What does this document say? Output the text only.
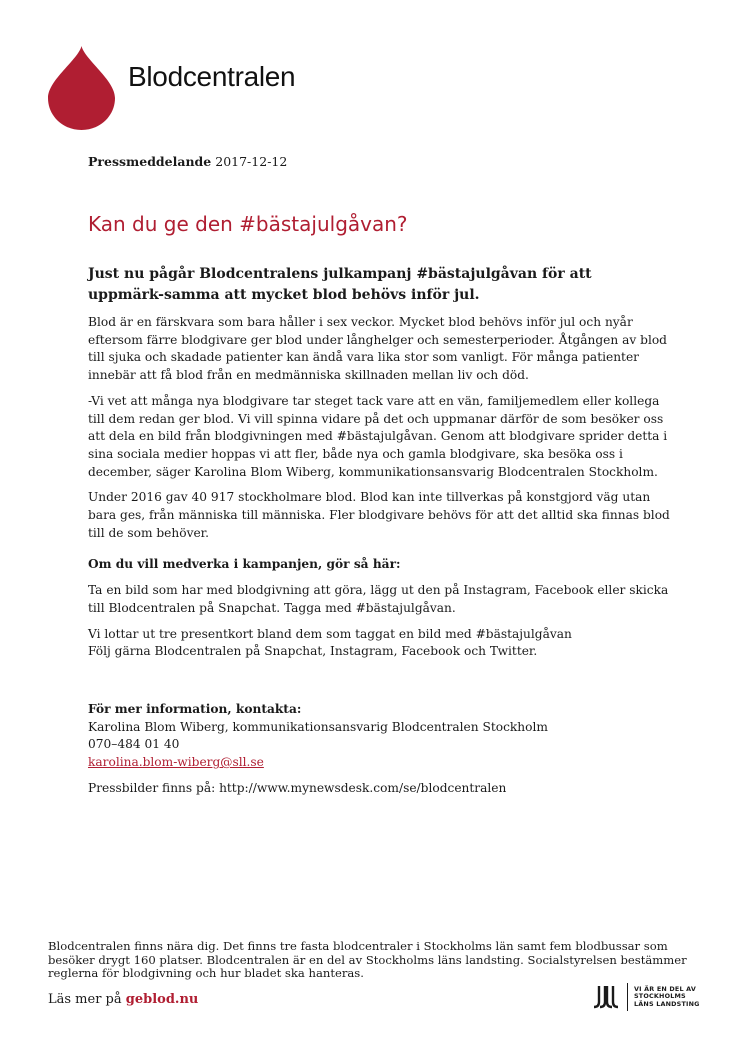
Blodcentralen
Pressmeddelande 2017-12-12
Kan du ge den #bästajulgåvan?

Just nu pågår Blodcentralens julkampanj #bästajulgåvan för att uppmärk-samma att mycket blod behövs inför jul.

Blod är en färskvara som bara håller i sex veckor. Mycket blod behövs inför jul och nyår eftersom färre blodgivare ger blod under långhelger och semesterperioder. Åtgången av blod till sjuka och skadade patienter kan ändå vara lika stor som vanligt. För många patienter innebär att få blod från en medmänniska skillnaden mellan liv och död.

-Vi vet att många nya blodgivare tar steget tack vare att en vän, familjemedlem eller kollega till dem redan ger blod. Vi vill spinna vidare på det och uppmanar därför de som besöker oss att dela en bild från blodgivningen med #bästajulgåvan. Genom att blodgivare sprider detta i sina sociala medier hoppas vi att fler, både nya och gamla blodgivare, ska besöka oss i december, säger Karolina Blom Wiberg, kommunikationsansvarig Blodcentralen Stockholm.

Under 2016 gav 40 917 stockholmare blod. Blod kan inte tillverkas på konstgjord väg utan bara ges, från människa till människa. Fler blodgivare behövs för att det alltid ska finnas blod till de som behöver.

Om du vill medverka i kampanjen, gör så här:

Ta en bild som har med blodgivning att göra, lägg ut den på Instagram, Facebook eller skicka till Blodcentralen på Snapchat. Tagga med #bästajulgåvan.

Vi lottar ut tre presentkort bland dem som taggat en bild med #bästajulgåvan

Följ gärna Blodcentralen på Snapchat, Instagram, Facebook och Twitter.

För mer information, kontakta:
Karolina Blom Wiberg, kommunikationsansvarig Blodcentralen Stockholm
070–484 01 40
karolina.blom-wiberg@sll.se
Pressbilder finns på: http://www.mynewsdesk.com/se/blodcentralen
Blodcentralen finns nära dig. Det finns tre fasta blodcentraler i Stockholms län samt fem blodbussar som besöker drygt 160 platser. Blodcentralen är en del av Stockholms läns landsting. Socialstyrelsen bestämmer reglerna för blodgivning och hur bladet ska hanteras.
Läs mer på geblod.nu
VI ÄR EN DEL AV
STOCKHOLMS
LÄNS LANDSTING
